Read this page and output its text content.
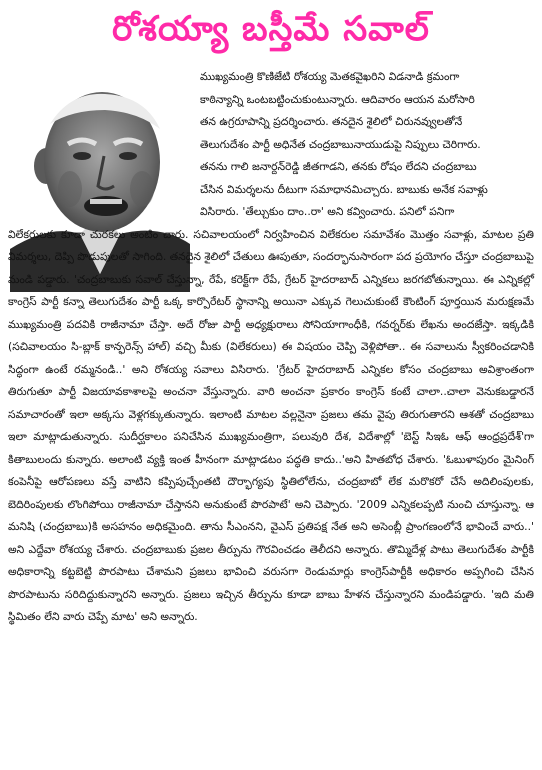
రోశయ్యా బస్తీమే సవాల్

ముఖ్యమంత్రి కొణిజేటి రోశయ్య మెతకవైఖరిని విడనాడి క్రమంగా

కాఠిన్యాన్ని ఒంటబట్టించుకుంటున్నారు. ఆదివారం ఆయన మరోసారి

తన ఉగ్రరూపాన్ని ప్రదర్శించారు. తనదైన శైలిలో చిరునవ్వులతోనే

తెలుగుదేశం పార్టీ అధినేత చంద్రబాబునాయుడుపై నిప్పులు చెరిగారు.

తనను గాలి జనార్దన్‌రెడ్డి జీతగాడని, తనకు రోషం లేదని చంద్రబాబు

చేసిన విమర్శలను దీటుగా సమాధానమిచ్చారు. బాబుకు అనేక సవాళ్లు

విసిరారు. 'తేల్చుకుం దాం..రా' అని కవ్వించారు. పనిలో పనిగా

విలేకరులకు కూడా చురకలు అంటిం చారు. సచివాలయంలో నిర్వహించిన విలేకరుల సమావేశం మొత్తం సవాళ్లు, మాటల ప్రతి విమర్శలు, దెప్పి పొడుపులతో సాగింది. తనదైన శైలిలో చేతులు ఊపుతూ, సందర్భానుసారంగా పద ప్రయోగం చేస్తూ చంద్రబాబుపై మండి పడ్డారు. 'చంద్రబాబుకు సవాల్ చేస్తున్నా, రేపే, కరెక్ట్‌గా రేపే, గ్రేటర్ హైదరాబాద్ ఎన్నికలు జరగబోతున్నాయి. ఈ ఎన్నికల్లో కాంగ్రెస్ పార్టీ కన్నా తెలుగుదేశం పార్టీ ఒక్క కార్పొరేటర్ స్థానాన్ని అయినా ఎక్కువ గెలుచుకుంటే కౌంటింగ్ పూర్తయిన మరుక్షణమే ముఖ్యమంత్రి పదవికి రాజీనామా చేస్తా. అదే రోజు పార్టీ అధ్యక్షురాలు సోనియాగాంధీకి, గవర్నర్‌కు లేఖను అందజేస్తా. ఇక్కడికి (సచివాలయం సి-బ్లాక్ కాన్ఫరెన్స్ హాల్) వచ్చి మీకు (విలేకరులు) ఈ విషయం చెప్పి వెళ్లిపోతా.. ఈ సవాలును స్వీకరించడానికి సిద్ధంగా ఉంటే రమ్మనండి..' అని రోశయ్య సవాలు విసిరారు. 'గ్రేటర్ హైదరాబాద్ ఎన్నికల కోసం చంద్రబాబు అవిశ్రాంతంగా తిరుగుతూ పార్టీ విజయావకాశాలపై అంచనా వేస్తున్నారు. వారి అంచనా ప్రకారం కాంగ్రెస్ కంటే చాలా..చాలా వెనుకబడ్డారనే సమాచారంతో ఇలా అక్కసు వెళ్లగక్కుతున్నారు. ఇలాంటి మాటల వల్లనైనా ప్రజలు తమ వైపు తిరుగుతారని ఆశతో చంద్రబాబు ఇలా మాట్లాడుతున్నారు. సుదీర్ఘకాలం పనిచేసిన ముఖ్యమంత్రిగా, పలువురి దేశ, విదేశాల్లో 'బెస్ట్ సిఇఓ ఆఫ్ ఆంధ్రప్రదేశ్'గా కితాబులందు కున్నారు. అలాంటి వ్యక్తి ఇంత హీనంగా మాట్లాడటం పద్ధతి కాదు..'అని హితబోధ చేశారు. 'ఓబుళాపురం మైనింగ్ కంపెనీపై ఆరోపణలు వస్తే వాటిని కప్పిపుచ్చేంతటి దౌర్భాగ్యపు స్థితిలోలేను, చంద్రబాబో లేక మరొకరో చేసే అదిలింపులకు, బెదిరింపులకు లొంగిపోయి రాజీనామా చేస్తానని అనుకుంటే పొరపాటే' అని చెప్పారు. '2009 ఎన్నికలప్పటి నుంచి చూస్తున్నా. ఆ మనిషి (చంద్రబాబు)కి అసహనం అధికమైంది. తాను సీఎంనని, వైఎస్ ప్రతిపక్ష నేత అని అసెంబ్లీ ప్రాంగణంలోనే భావించే వారు..' అని ఎద్దేవా రోశయ్య చేశారు. చంద్రబాబుకు ప్రజల తీర్పును గౌరవించడం తెలీదని అన్నారు. తొమ్మిదేళ్ల పాటు తెలుగుదేశం పార్టీకి అధికారాన్ని కట్టబెట్టి పొరపాటు చేశామని ప్రజలు భావించి వరుసగా రెండుమార్లు కాంగ్రెస్‌పార్టీకి అధికారం అప్పగించి చేసిన పొరపాటును సరిదిద్దుకున్నారని అన్నారు. ప్రజలు ఇచ్చిన తీర్పును కూడా బాబు హేళన చేస్తున్నారని మండిపడ్డారు. 'ఇది మతి స్థిమితం లేని వారు చెప్పే మాట' అని అన్నారు.
